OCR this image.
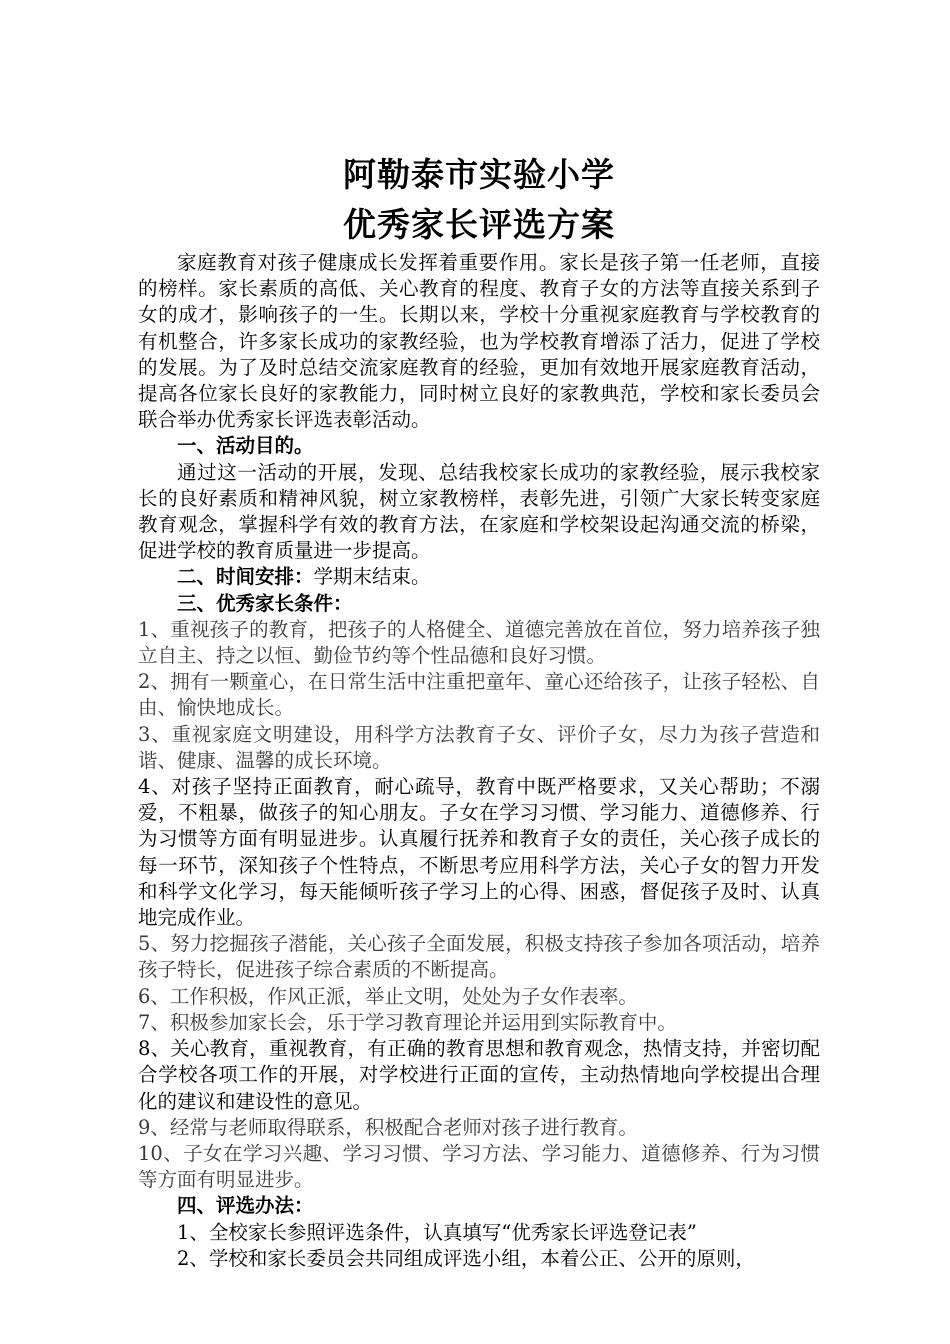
阿勒泰市实验小学
优秀家长评选方案

家庭教育对孩子健康成长发挥着重要作用。家长是孩子第一任老师，直接的榜样。家长素质的高低、关心教育的程度、教育子女的方法等直接关系到子女的成才，影响孩子的一生。长期以来，学校十分重视家庭教育与学校教育的有机整合，许多家长成功的家教经验，也为学校教育增添了活力，促进了学校的发展。为了及时总结交流家庭教育的经验，更加有效地开展家庭教育活动，提高各位家长良好的家教能力，同时树立良好的家教典范，学校和家长委员会联合举办优秀家长评选表彰活动。

一、活动目的。

通过这一活动的开展，发现、总结我校家长成功的家教经验，展示我校家长的良好素质和精神风貌，树立家教榜样，表彰先进，引领广大家长转变家庭教育观念，掌握科学有效的教育方法，在家庭和学校架设起沟通交流的桥梁，促进学校的教育质量进一步提高。

二、时间安排：学期末结束。

三、优秀家长条件：

1、重视孩子的教育，把孩子的人格健全、道德完善放在首位，努力培养孩子独立自主、持之以恒、勤俭节约等个性品德和良好习惯。

2、拥有一颗童心，在日常生活中注重把童年、童心还给孩子，让孩子轻松、自由、愉快地成长。

3、重视家庭文明建设，用科学方法教育子女、评价子女，尽力为孩子营造和谐、健康、温馨的成长环境。

4、对孩子坚持正面教育，耐心疏导，教育中既严格要求，又关心帮助；不溺爱，不粗暴，做孩子的知心朋友。子女在学习习惯、学习能力、道德修养、行为习惯等方面有明显进步。认真履行抚养和教育子女的责任，关心孩子成长的每一环节，深知孩子个性特点，不断思考应用科学方法，关心子女的智力开发和科学文化学习，每天能倾听孩子学习上的心得、困惑，督促孩子及时、认真地完成作业。

5、努力挖掘孩子潜能，关心孩子全面发展，积极支持孩子参加各项活动，培养孩子特长，促进孩子综合素质的不断提高。

6、工作积极，作风正派，举止文明，处处为子女作表率。

7、积极参加家长会，乐于学习教育理论并运用到实际教育中。

8、关心教育，重视教育，有正确的教育思想和教育观念，热情支持，并密切配合学校各项工作的开展，对学校进行正面的宣传，主动热情地向学校提出合理化的建议和建设性的意见。

9、经常与老师取得联系，积极配合老师对孩子进行教育。

10、子女在学习兴趣、学习习惯、学习方法、学习能力、道德修养、行为习惯等方面有明显进步。

四、评选办法：

1、全校家长参照评选条件，认真填写“优秀家长评选登记表”

2、学校和家长委员会共同组成评选小组，本着公正、公开的原则，
